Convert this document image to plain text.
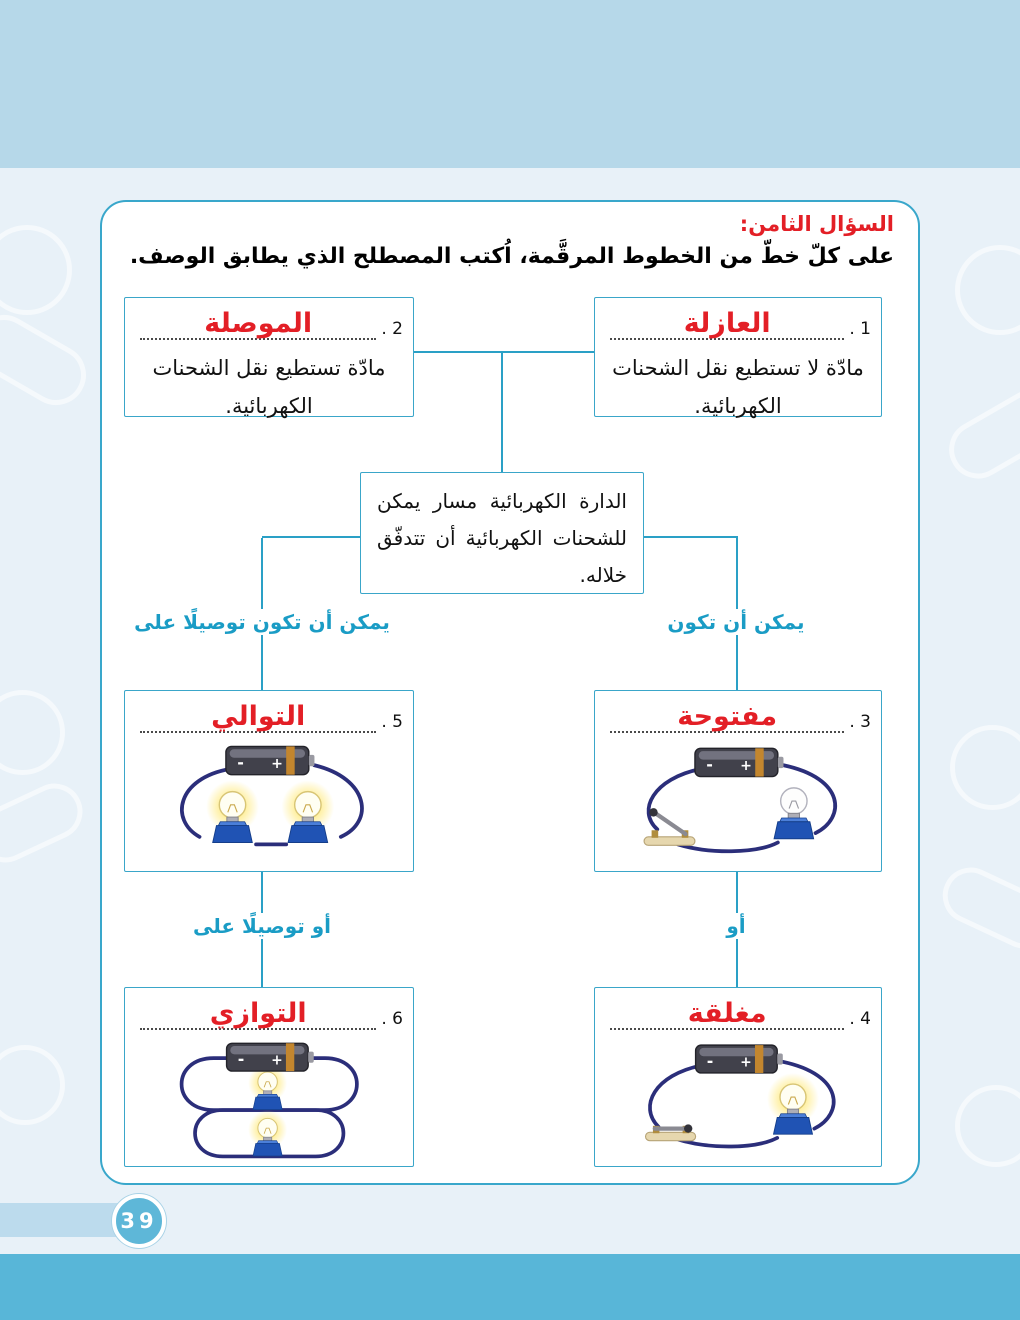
السؤال الثامن:
على كلّ خطّ من الخطوط المرقَّمة، اُكتب المصطلح الذي يطابق الوصف.
يمكن أن تكون توصيلًا على	يمكن أن تكون
أو توصيلًا على	أو
1 .
العازلة
مادّة لا تستطيع نقل الشحنات الكهربائية.
2 .
الموصلة
مادّة تستطيع نقل الشحنات الكهربائية.
الدارة الكهربائية مسار يمكن للشحنات الكهربائية أن تتدفّق خلاله.
3 .
مفتوحة
5 .
التوالي
4 .
مغلقة
6 .
التوازي
39
